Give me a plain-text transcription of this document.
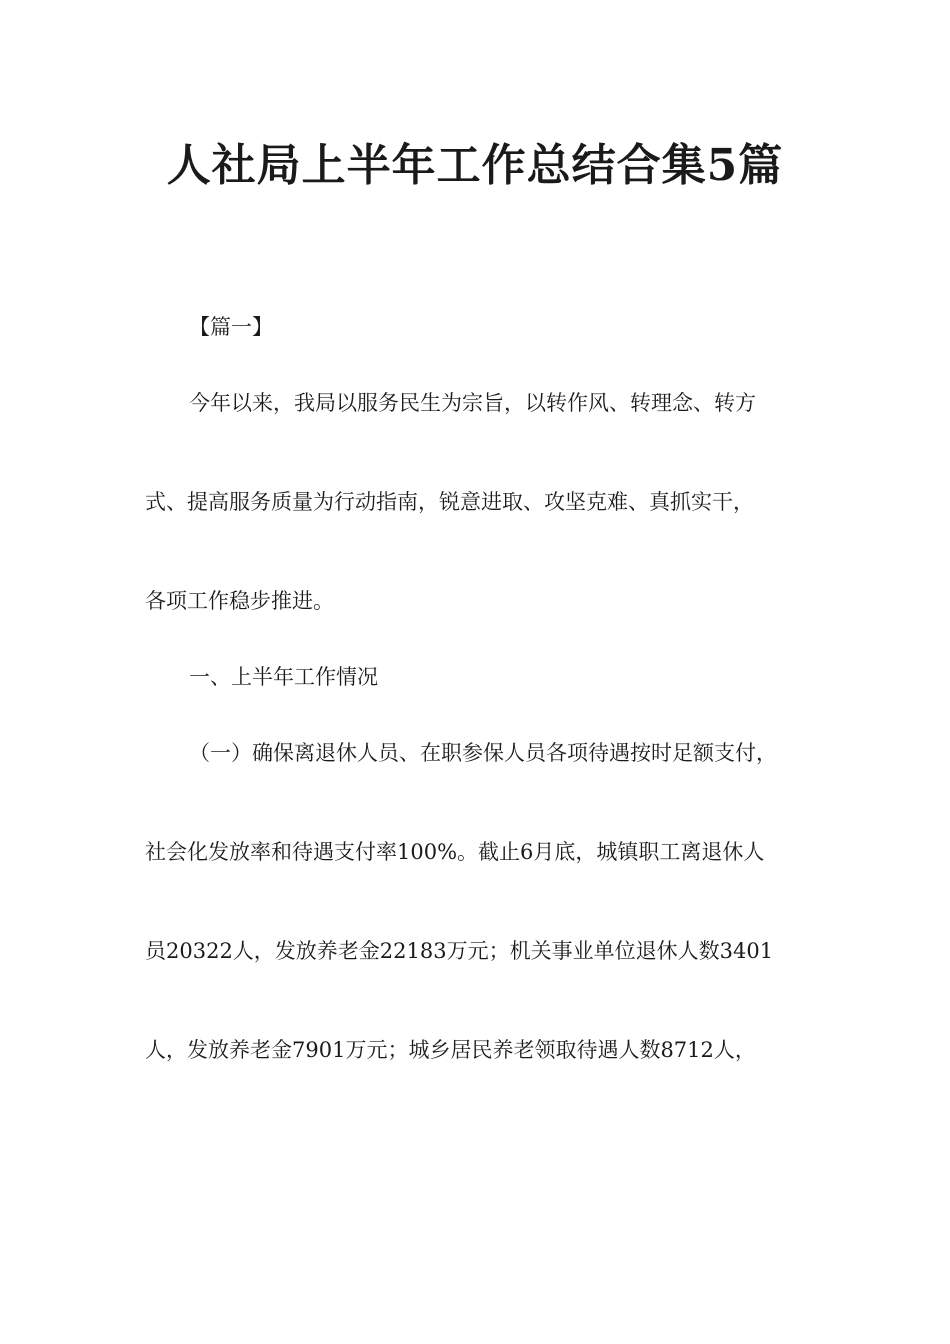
人社局上半年工作总结合集5篇
【篇一】
今年以来，我局以服务民生为宗旨，以转作风、转理念、转方
式、提高服务质量为行动指南，锐意进取、攻坚克难、真抓实干，
各项工作稳步推进。
一、上半年工作情况
（一）确保离退休人员、在职参保人员各项待遇按时足额支付，
社会化发放率和待遇支付率100%。截止6月底，城镇职工离退休人
员20322人，发放养老金22183万元；机关事业单位退休人数3401
人，发放养老金7901万元；城乡居民养老领取待遇人数8712人，
